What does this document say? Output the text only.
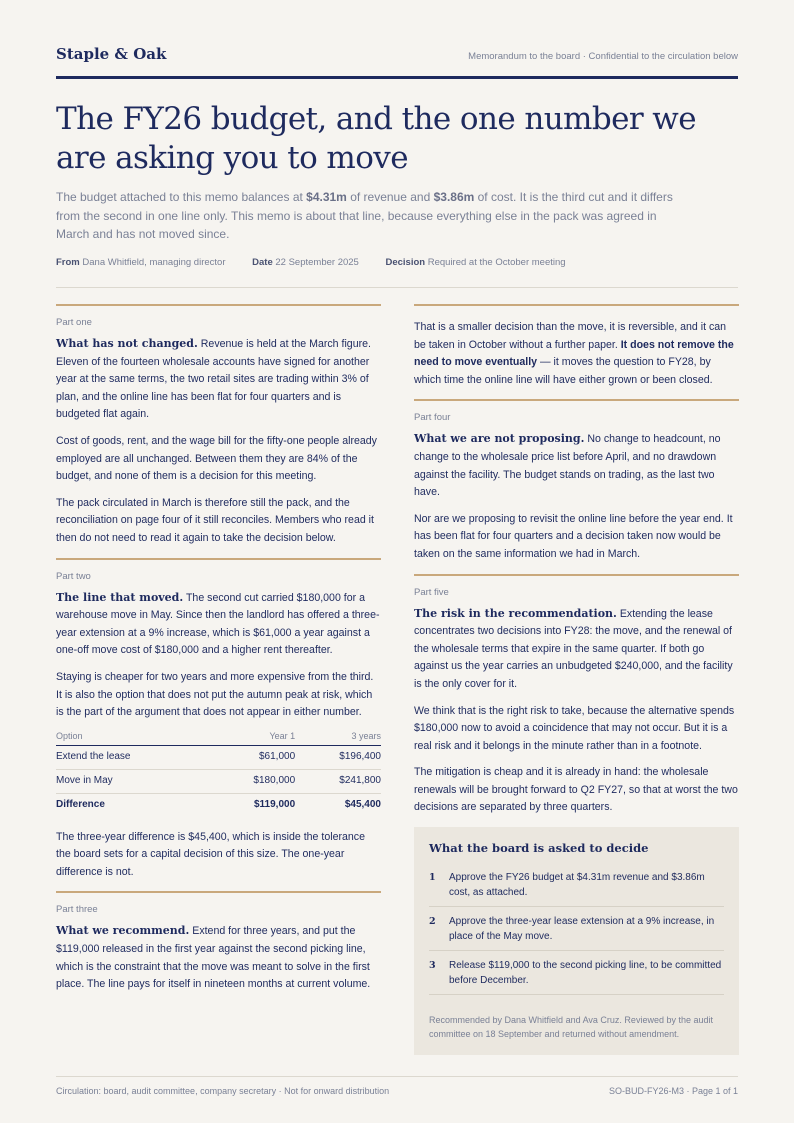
Staple & Oak	Memorandum to the board · Confidential to the circulation below
The FY26 budget, and the one number we are asking you to move

The budget attached to this memo balances at $4.31m of revenue and $3.86m of cost. It is the third cut and it differs from the second in one line only. This memo is about that line, because everything else in the pack was agreed in March and has not moved since.

From Dana Whitfield, managing director	Date 22 September 2025	Decision Required at the October meeting
Part one

What has not changed. Revenue is held at the March figure. Eleven of the fourteen wholesale accounts have signed for another year at the same terms, the two retail sites are trading within 3% of plan, and the online line has been flat for four quarters and is budgeted flat again.

Cost of goods, rent, and the wage bill for the fifty-one people already employed are all unchanged. Between them they are 84% of the budget, and none of them is a decision for this meeting.

The pack circulated in March is therefore still the pack, and the reconciliation on page four of it still reconciles. Members who read it then do not need to read it again to take the decision below.

Part two

The line that moved. The second cut carried $180,000 for a warehouse move in May. Since then the landlord has offered a three-year extension at a 9% increase, which is $61,000 a year against a one-off move cost of $180,000 and a higher rent thereafter.

Staying is cheaper for two years and more expensive from the third. It is also the option that does not put the autumn peak at risk, which is the part of the argument that does not appear in either number.

Option	Year 1	3 years
Extend the lease	$61,000	$196,400
Move in May	$180,000	$241,800
Difference	$119,000	$45,400

The three-year difference is $45,400, which is inside the tolerance the board sets for a capital decision of this size. The one-year difference is not.

Part three

What we recommend. Extend for three years, and put the $119,000 released in the first year against the second picking line, which is the constraint that the move was meant to solve in the first place. The line pays for itself in nineteen months at current volume.

That is a smaller decision than the move, it is reversible, and it can be taken in October without a further paper. It does not remove the need to move eventually — it moves the question to FY28, by which time the online line will have either grown or been closed.

Part four

What we are not proposing. No change to headcount, no change to the wholesale price list before April, and no drawdown against the facility. The budget stands on trading, as the last two have.

Nor are we proposing to revisit the online line before the year end. It has been flat for four quarters and a decision taken now would be taken on the same information we had in March.

Part five

The risk in the recommendation. Extending the lease concentrates two decisions into FY28: the move, and the renewal of the wholesale terms that expire in the same quarter. If both go against us the year carries an unbudgeted $240,000, and the facility is the only cover for it.

We think that is the right risk to take, because the alternative spends $180,000 now to avoid a coincidence that may not occur. But it is a real risk and it belongs in the minute rather than in a footnote.

The mitigation is cheap and it is already in hand: the wholesale renewals will be brought forward to Q2 FY27, so that at worst the two decisions are separated by three quarters.

What the board is asked to decide
1	Approve the FY26 budget at $4.31m revenue and $3.86m cost, as attached.
2	Approve the three-year lease extension at a 9% increase, in place of the May move.
3	Release $119,000 to the second picking line, to be committed before December.
Recommended by Dana Whitfield and Ava Cruz. Reviewed by the audit committee on 18 September and returned without amendment.
Circulation: board, audit committee, company secretary · Not for onward distribution	SO-BUD-FY26-M3 · Page 1 of 1
